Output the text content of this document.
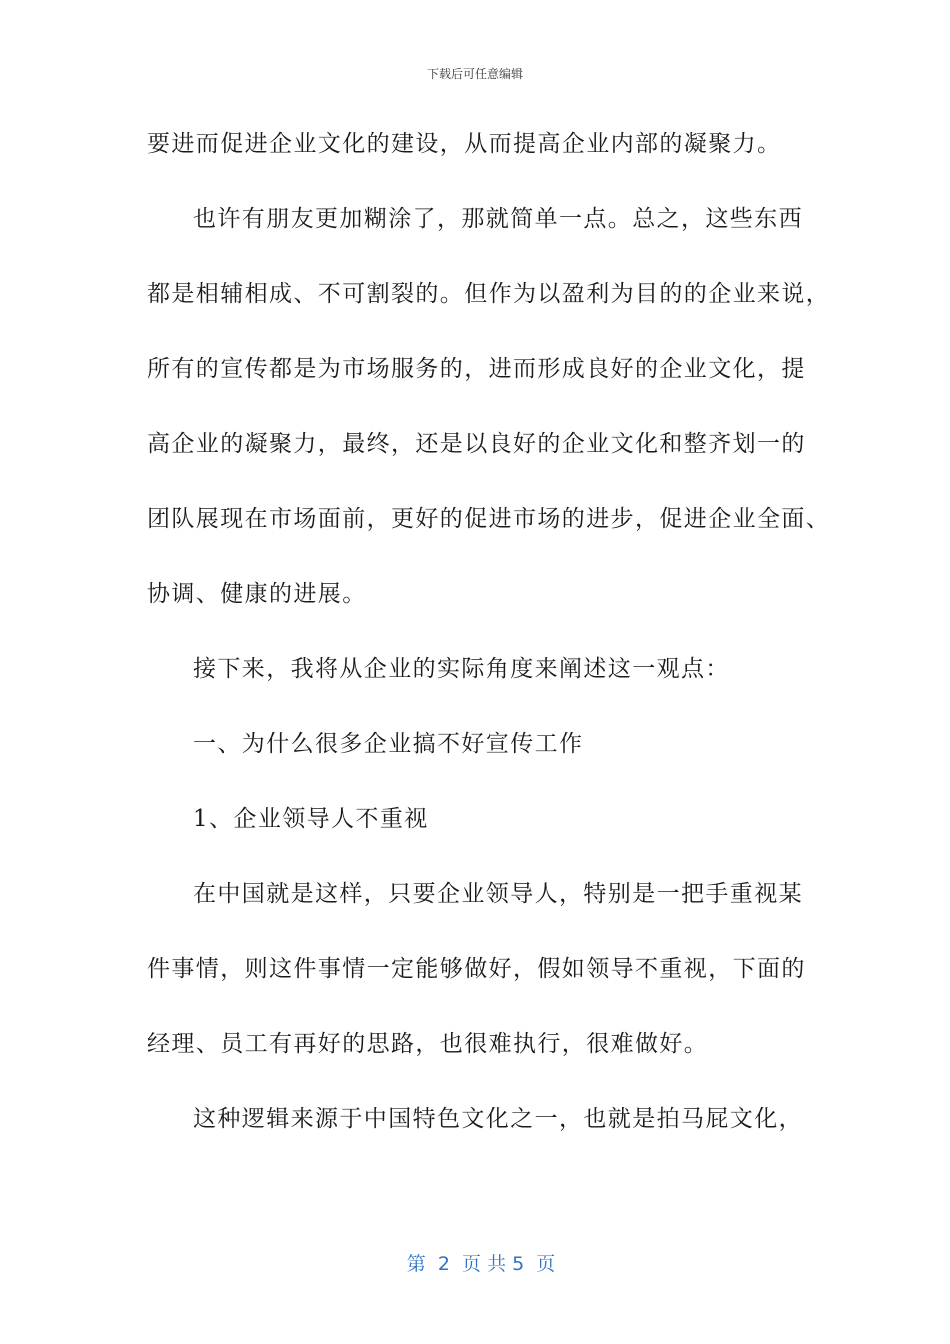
下载后可任意编辑
要进而促进企业文化的建设，从而提高企业内部的凝聚力。
也许有朋友更加糊涂了，那就简单一点。总之，这些东西
都是相辅相成、不可割裂的。但作为以盈利为目的的企业来说，
所有的宣传都是为市场服务的，进而形成良好的企业文化，提
高企业的凝聚力，最终，还是以良好的企业文化和整齐划一的
团队展现在市场面前，更好的促进市场的进步，促进企业全面、
协调、健康的进展。
接下来，我将从企业的实际角度来阐述这一观点：
一、为什么很多企业搞不好宣传工作
1、企业领导人不重视
在中国就是这样，只要企业领导人，特别是一把手重视某
件事情，则这件事情一定能够做好，假如领导不重视，下面的
经理、员工有再好的思路，也很难执行，很难做好。
这种逻辑来源于中国特色文化之一，也就是拍马屁文化，

第  2  页 共 5  页
